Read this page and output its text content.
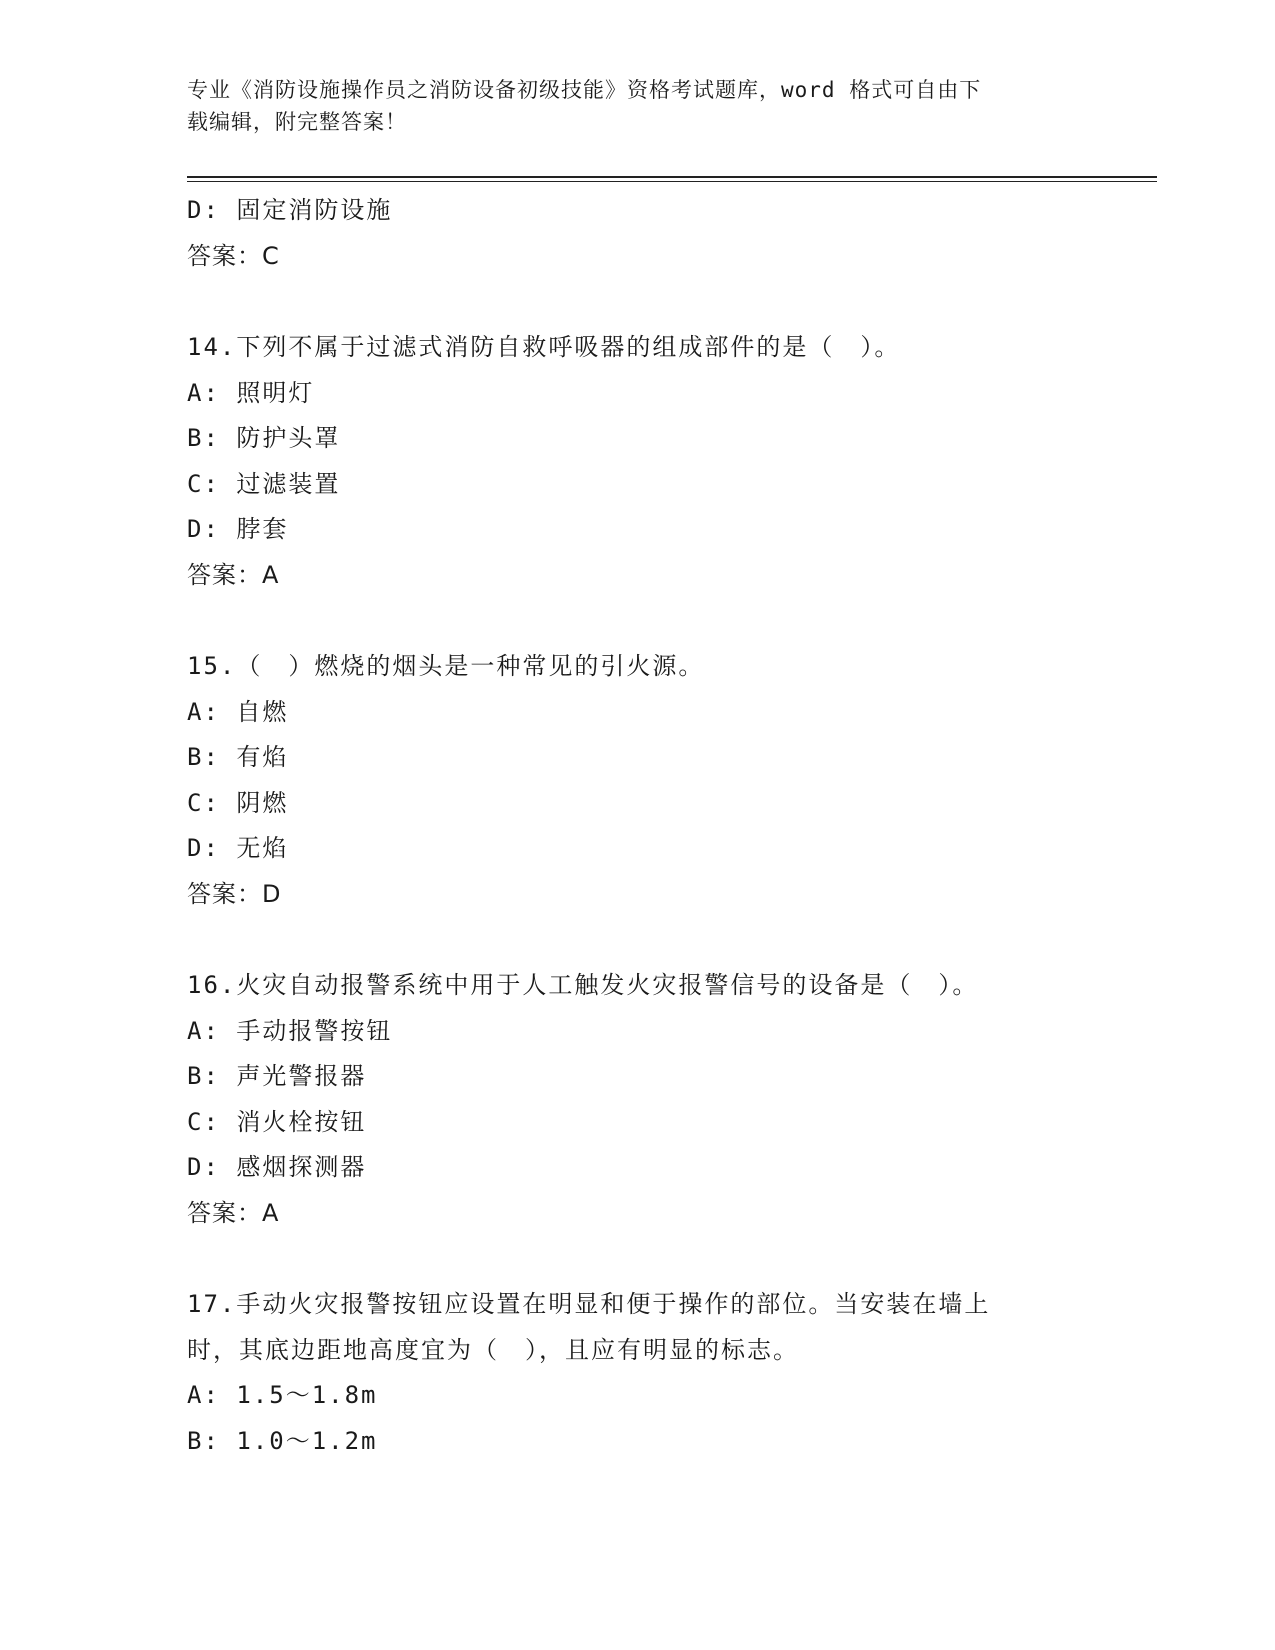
专业《消防设施操作员之消防设备初级技能》资格考试题库，word 格式可自由下
载编辑，附完整答案！
D: 固定消防设施
答案：C
14.下列不属于过滤式消防自救呼吸器的组成部件的是（　）。
A: 照明灯
B: 防护头罩
C: 过滤装置
D: 脖套
答案：A
15.（　）燃烧的烟头是一种常见的引火源。
A: 自燃
B: 有焰
C: 阴燃
D: 无焰
答案：D
16.火灾自动报警系统中用于人工触发火灾报警信号的设备是（　）。
A: 手动报警按钮
B: 声光警报器
C: 消火栓按钮
D: 感烟探测器
答案：A
17.手动火灾报警按钮应设置在明显和便于操作的部位。当安装在墙上
时，其底边距地高度宜为（　），且应有明显的标志。
A: 1.5～1.8m
B: 1.0～1.2m
